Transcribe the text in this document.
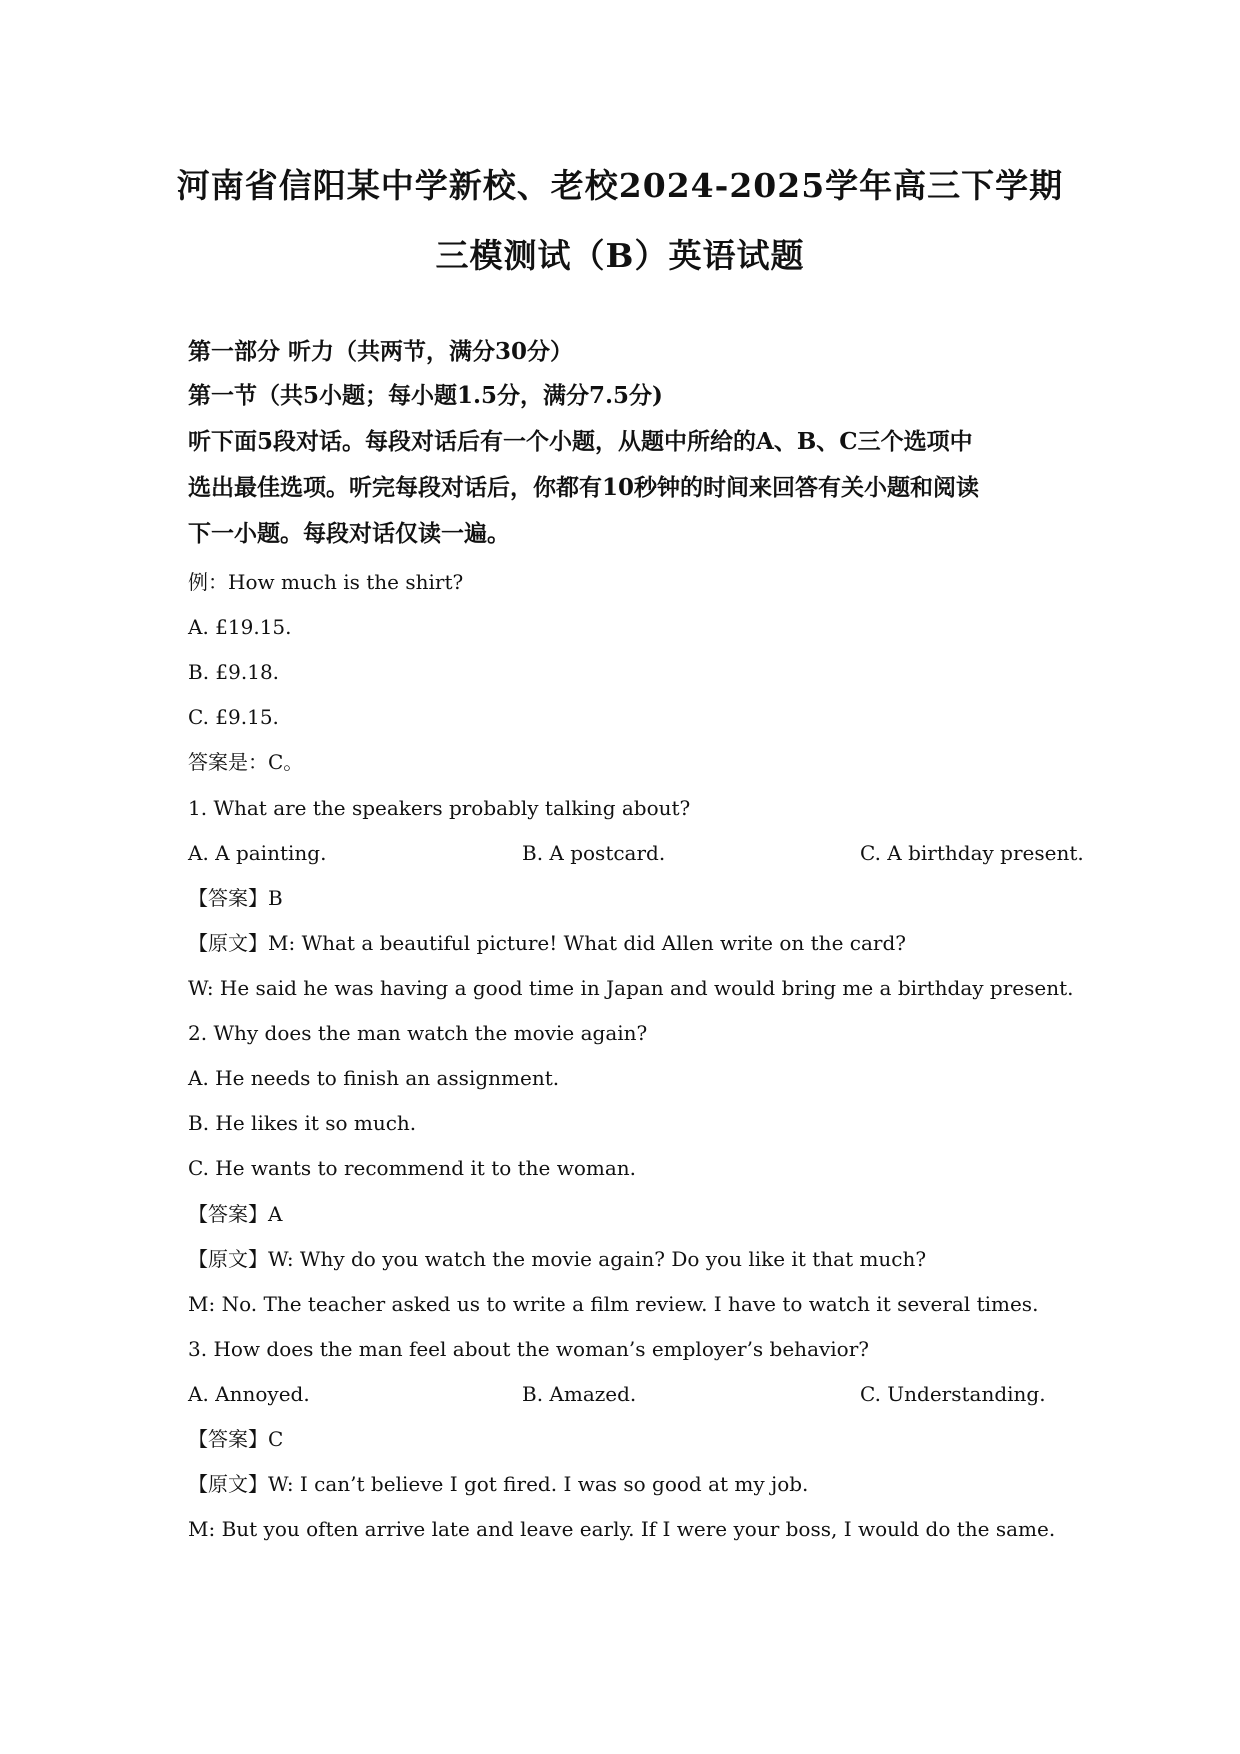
河南省信阳某中学新校、老校2024-2025学年高三下学期
三模测试（B）英语试题
第一部分 听力（共两节，满分30分）
第一节（共5小题；每小题1.5分，满分7.5分)
听下面5段对话。每段对话后有一个小题，从题中所给的A、B、C三个选项中
选出最佳选项。听完每段对话后，你都有10秒钟的时间来回答有关小题和阅读
下一小题。每段对话仅读一遍。
例：How much is the shirt?
A. £19.15.
B. £9.18.
C. £9.15.
答案是：C。
1. What are the speakers probably talking about?
A. A painting.	B. A postcard.	C. A birthday present.
【答案】B
【原文】M: What a beautiful picture! What did Allen write on the card?
W: He said he was having a good time in Japan and would bring me a birthday present.
2. Why does the man watch the movie again?
A. He needs to finish an assignment.
B. He likes it so much.
C. He wants to recommend it to the woman.
【答案】A
【原文】W: Why do you watch the movie again? Do you like it that much?
M: No. The teacher asked us to write a film review. I have to watch it several times.
3. How does the man feel about the woman’s employer’s behavior?
A. Annoyed.	B. Amazed.	C. Understanding.
【答案】C
【原文】W: I can’t believe I got fired. I was so good at my job.
M: But you often arrive late and leave early. If I were your boss, I would do the same.
